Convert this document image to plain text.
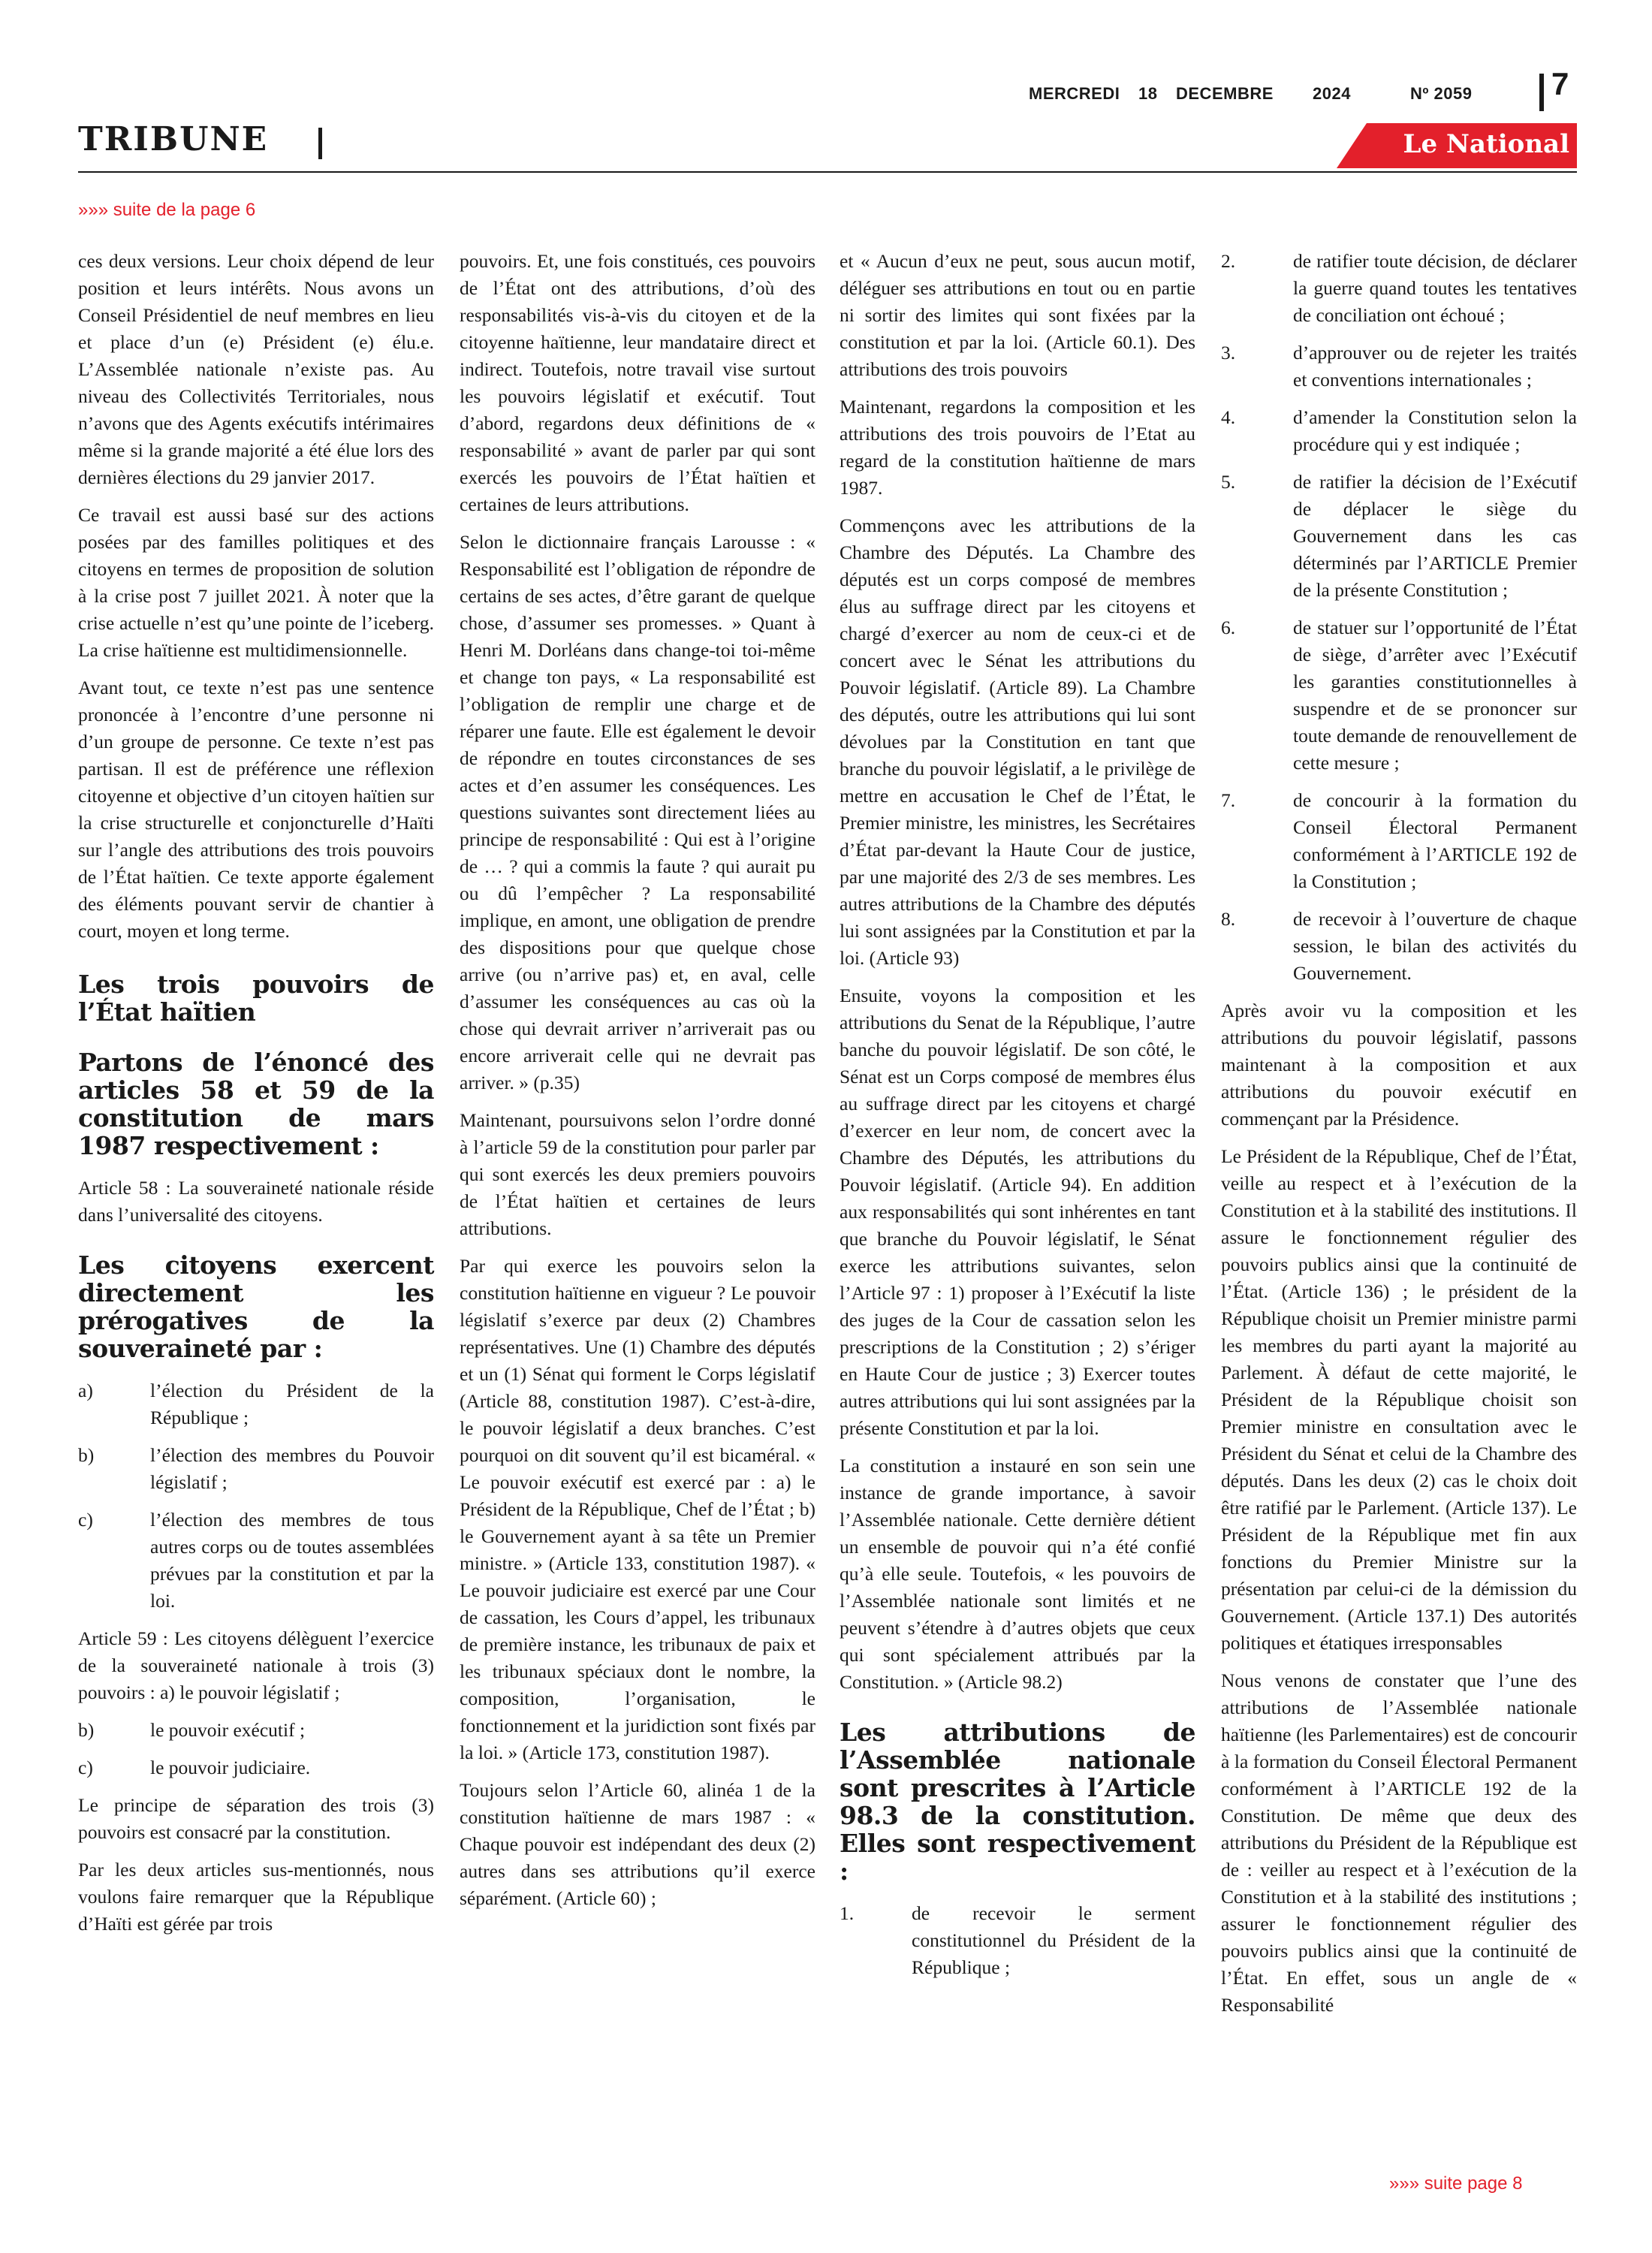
MERCREDI 18 DECEMBRE 2024	Nº 2059	7
TRIBUNE	Le National
»»» suite de la page 6

ces deux versions. Leur choix dépend de leur position et leurs intérêts. Nous avons un Conseil Présidentiel de neuf membres en lieu et place d’un (e) Président (e) élu.e. L’Assemblée nationale n’existe pas. Au niveau des Collectivités Territoriales, nous n’avons que des Agents exécutifs intérimaires même si la grande majorité a été élue lors des dernières élections du 29 janvier 2017.

Ce travail est aussi basé sur des actions posées par des familles politiques et des citoyens en termes de proposition de solution à la crise post 7 juillet 2021. À noter que la crise actuelle n’est qu’une pointe de l’iceberg. La crise haïtienne est multidimensionnelle.

Avant tout, ce texte n’est pas une sentence prononcée à l’encontre d’une personne ni d’un groupe de personne. Ce texte n’est pas partisan. Il est de préférence une réflexion citoyenne et objective d’un citoyen haïtien sur la crise structurelle et conjoncturelle d’Haïti sur l’angle des attributions des trois pouvoirs de l’État haïtien. Ce texte apporte également des éléments pouvant servir de chantier à court, moyen et long terme.

Les trois pouvoirs de l’État haïtien
Partons de l’énoncé des articles 58 et 59 de la constitution de mars 1987 respectivement :

Article 58 : La souveraineté nationale réside dans l’universalité des citoyens.

Les citoyens exercent directement les prérogatives de la souveraineté par :
a)	l’élection du Président de la République ;
b)	l’élection des membres du Pouvoir législatif ;
c)	l’élection des membres de tous autres corps ou de toutes assemblées prévues par la constitution et par la loi.

Article 59 : Les citoyens délèguent l’exercice de la souveraineté nationale à trois (3) pouvoirs : a) le pouvoir législatif ;

b)	le pouvoir exécutif ;
c)	le pouvoir judiciaire.

Le principe de séparation des trois (3) pouvoirs est consacré par la constitution.

Par les deux articles sus-mentionnés, nous voulons faire remarquer que la République d’Haïti est gérée par trois

pouvoirs. Et, une fois constitués, ces pouvoirs de l’État ont des attributions, d’où des responsabilités vis-à-vis du citoyen et de la citoyenne haïtienne, leur mandataire direct et indirect. Toutefois, notre travail vise surtout les pouvoirs législatif et exécutif. Tout d’abord, regardons deux définitions de « responsabilité » avant de parler par qui sont exercés les pouvoirs de l’État haïtien et certaines de leurs attributions.

Selon le dictionnaire français Larousse : « Responsabilité est l’obligation de répondre de certains de ses actes, d’être garant de quelque chose, d’assumer ses promesses. » Quant à Henri M. Dorléans dans change-toi toi-même et change ton pays, « La responsabilité est l’obligation de remplir une charge et de réparer une faute. Elle est également le devoir de répondre en toutes circonstances de ses actes et d’en assumer les conséquences. Les questions suivantes sont directement liées au principe de responsabilité : Qui est à l’origine de … ? qui a commis la faute ? qui aurait pu ou dû l’empêcher ? La responsabilité implique, en amont, une obligation de prendre des dispositions pour que quelque chose arrive (ou n’arrive pas) et, en aval, celle d’assumer les conséquences au cas où la chose qui devrait arriver n’arriverait pas ou encore arriverait celle qui ne devrait pas arriver. » (p.35)

Maintenant, poursuivons selon l’ordre donné à l’article 59 de la constitution pour parler par qui sont exercés les deux premiers pouvoirs de l’État haïtien et certaines de leurs attributions.

Par qui exerce les pouvoirs selon la constitution haïtienne en vigueur ? Le pouvoir législatif s’exerce par deux (2) Chambres représentatives. Une (1) Chambre des députés et un (1) Sénat qui forment le Corps législatif (Article 88, constitution 1987). C’est-à-dire, le pouvoir législatif a deux branches. C’est pourquoi on dit souvent qu’il est bicaméral. « Le pouvoir exécutif est exercé par : a) le Président de la République, Chef de l’État ; b) le Gouvernement ayant à sa tête un Premier ministre. » (Article 133, constitution 1987). « Le pouvoir judiciaire est exercé par une Cour de cassation, les Cours d’appel, les tribunaux de première instance, les tribunaux de paix et les tribunaux spéciaux dont le nombre, la composition, l’organisation, le fonctionnement et la juridiction sont fixés par la loi. » (Article 173, constitution 1987).

Toujours selon l’Article 60, alinéa 1 de la constitution haïtienne de mars 1987 : « Chaque pouvoir est indépendant des deux (2) autres dans ses attributions qu’il exerce séparément. (Article 60) ;

et « Aucun d’eux ne peut, sous aucun motif, déléguer ses attributions en tout ou en partie ni sortir des limites qui sont fixées par la constitution et par la loi. (Article 60.1). Des attributions des trois pouvoirs

Maintenant, regardons la composition et les attributions des trois pouvoirs de l’Etat au regard de la constitution haïtienne de mars 1987.

Commençons avec les attributions de la Chambre des Députés. La Chambre des députés est un corps composé de membres élus au suffrage direct par les citoyens et chargé d’exercer au nom de ceux-ci et de concert avec le Sénat les attributions du Pouvoir législatif. (Article 89). La Chambre des députés, outre les attributions qui lui sont dévolues par la Constitution en tant que branche du pouvoir législatif, a le privilège de mettre en accusation le Chef de l’État, le Premier ministre, les ministres, les Secrétaires d’État par-devant la Haute Cour de justice, par une majorité des 2/3 de ses membres. Les autres attributions de la Chambre des députés lui sont assignées par la Constitution et par la loi. (Article 93)

Ensuite, voyons la composition et les attributions du Senat de la République, l’autre banche du pouvoir législatif. De son côté, le Sénat est un Corps composé de membres élus au suffrage direct par les citoyens et chargé d’exercer en leur nom, de concert avec la Chambre des Députés, les attributions du Pouvoir législatif. (Article 94). En addition aux responsabilités qui sont inhérentes en tant que branche du Pouvoir législatif, le Sénat exerce les attributions suivantes, selon l’Article 97 : 1) proposer à l’Exécutif la liste des juges de la Cour de cassation selon les prescriptions de la Constitution ; 2) s’ériger en Haute Cour de justice ; 3) Exercer toutes autres attributions qui lui sont assignées par la présente Constitution et par la loi.

La constitution a instauré en son sein une instance de grande importance, à savoir l’Assemblée nationale. Cette dernière détient un ensemble de pouvoir qui n’a été confié qu’à elle seule. Toutefois, « les pouvoirs de l’Assemblée nationale sont limités et ne peuvent s’étendre à d’autres objets que ceux qui sont spécialement attribués par la Constitution. » (Article 98.2)

Les attributions de l’Assemblée nationale sont prescrites à l’Article 98.3 de la constitution. Elles sont respectivement :
1.	de recevoir le serment constitutionnel du Président de la République ;
2.	de ratifier toute décision, de déclarer la guerre quand toutes les tentatives de conciliation ont échoué ;
3.	d’approuver ou de rejeter les traités et conventions internationales ;
4.	d’amender la Constitution selon la procédure qui y est indiquée ;
5.	de ratifier la décision de l’Exécutif de déplacer le siège du Gouvernement dans les cas déterminés par l’ARTICLE Premier de la présente Constitution ;
6.	de statuer sur l’opportunité de l’État de siège, d’arrêter avec l’Exécutif les garanties constitutionnelles à suspendre et de se prononcer sur toute demande de renouvellement de cette mesure ;
7.	de concourir à la formation du Conseil Électoral Permanent conformément à l’ARTICLE 192 de la Constitution ;
8.	de recevoir à l’ouverture de chaque session, le bilan des activités du Gouvernement.

Après avoir vu la composition et les attributions du pouvoir législatif, passons maintenant à la composition et aux attributions du pouvoir exécutif en commençant par la Présidence.

Le Président de la République, Chef de l’État, veille au respect et à l’exécution de la Constitution et à la stabilité des institutions. Il assure le fonctionnement régulier des pouvoirs publics ainsi que la continuité de l’État. (Article 136) ; le président de la République choisit un Premier ministre parmi les membres du parti ayant la majorité au Parlement. À défaut de cette majorité, le Président de la République choisit son Premier ministre en consultation avec le Président du Sénat et celui de la Chambre des députés. Dans les deux (2) cas le choix doit être ratifié par le Parlement. (Article 137). Le Président de la République met fin aux fonctions du Premier Ministre sur la présentation par celui-ci de la démission du Gouvernement. (Article 137.1) Des autorités politiques et étatiques irresponsables

Nous venons de constater que l’une des attributions de l’Assemblée nationale haïtienne (les Parlementaires) est de concourir à la formation du Conseil Électoral Permanent conformément à l’ARTICLE 192 de la Constitution. De même que deux des attributions du Président de la République est de : veiller au respect et à l’exécution de la Constitution et à la stabilité des institutions ; assurer le fonctionnement régulier des pouvoirs publics ainsi que la continuité de l’État. En effet, sous un angle de « Responsabilité

»»» suite page 8
